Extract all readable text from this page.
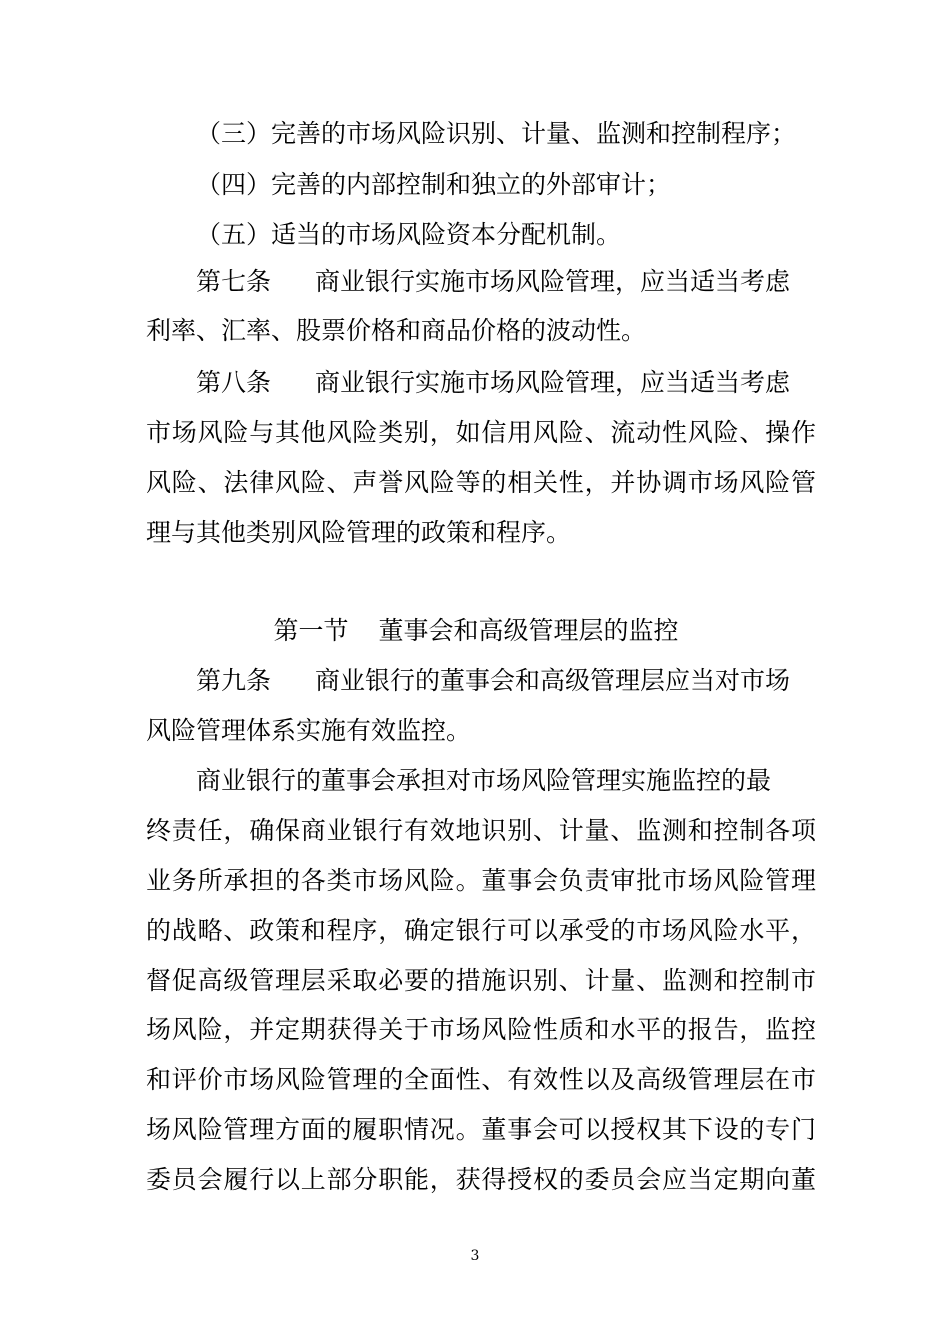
（三）完善的市场风险识别、计量、监测和控制程序；
（四）完善的内部控制和独立的外部审计；
（五）适当的市场风险资本分配机制。
第七条 商业银行实施市场风险管理，应当适当考虑
利率、汇率、股票价格和商品价格的波动性。
第八条 商业银行实施市场风险管理，应当适当考虑
市场风险与其他风险类别，如信用风险、流动性风险、操作
风险、法律风险、声誉风险等的相关性，并协调市场风险管
理与其他类别风险管理的政策和程序。
第一节 董事会和高级管理层的监控
第九条 商业银行的董事会和高级管理层应当对市场
风险管理体系实施有效监控。
商业银行的董事会承担对市场风险管理实施监控的最
终责任，确保商业银行有效地识别、计量、监测和控制各项
业务所承担的各类市场风险。董事会负责审批市场风险管理
的战略、政策和程序，确定银行可以承受的市场风险水平，
督促高级管理层采取必要的措施识别、计量、监测和控制市
场风险，并定期获得关于市场风险性质和水平的报告，监控
和评价市场风险管理的全面性、有效性以及高级管理层在市
场风险管理方面的履职情况。董事会可以授权其下设的专门
委员会履行以上部分职能，获得授权的委员会应当定期向董
3
